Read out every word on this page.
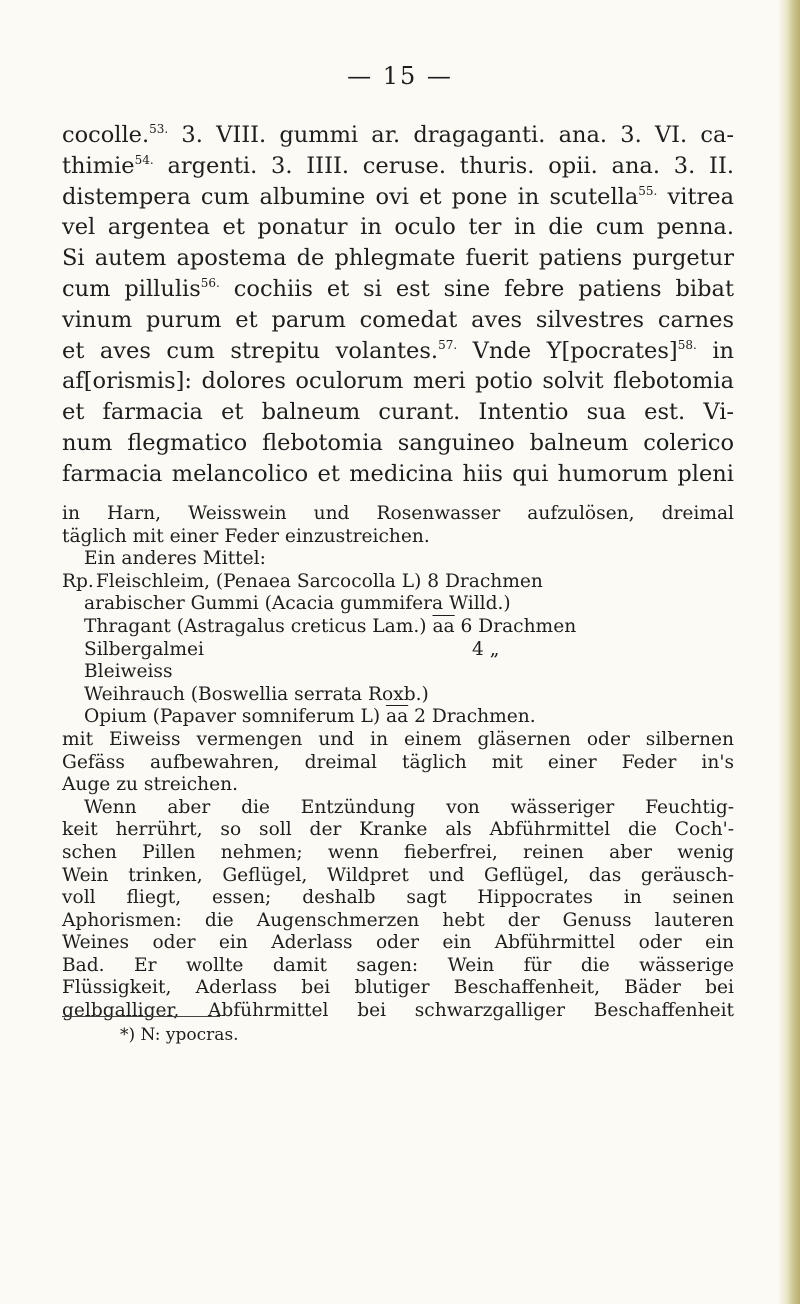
— 15 —
cocolle.$^{53.}$ 3. VIII. gummi ar. dragaganti. ana. 3. VI. ca-
thimie$^{54.}$ argenti. 3. IIII. ceruse. thuris. opii. ana. 3. II.
distempera cum albumine ovi et pone in scutella$^{55.}$ vitrea
vel argentea et ponatur in oculo ter in die cum penna.
Si autem apostema de phlegmate fuerit patiens purgetur
cum pillulis$^{56.}$ cochiis et si est sine febre patiens bibat
vinum purum et parum comedat aves silvestres carnes
et aves cum strepitu volantes.$^{57.}$ Vnde Y[pocrates]$^{58.}$ in
af[orismis]: dolores oculorum meri potio solvit flebotomia
et farmacia et balneum curant. Intentio sua est. Vi-
num flegmatico flebotomia sanguineo balneum colerico
farmacia melancolico et medicina hiis qui humorum pleni
in Harn, Weisswein und Rosenwasser aufzulösen, dreimal
täglich mit einer Feder einzustreichen.
Ein anderes Mittel:
Rp. Fleischleim, (Penaea Sarcocolla L) 8 Drachmen
arabischer Gummi (Acacia gummifera Willd.)
Thragant (Astragalus creticus Lam.) $\overline{aa}$ 6 Drachmen
Silbergalmei	4 „
Bleiweiss
Weihrauch (Boswellia serrata Roxb.)
Opium (Papaver somniferum L) $\overline{aa}$ 2 Drachmen.
mit Eiweiss vermengen und in einem gläsernen oder silbernen
Gefäss aufbewahren, dreimal täglich mit einer Feder in's
Auge zu streichen.
Wenn aber die Entzündung von wässeriger Feuchtig-
keit herrührt, so soll der Kranke als Abführmittel die Coch'-
schen Pillen nehmen; wenn fieberfrei, reinen aber wenig
Wein trinken, Geflügel, Wildpret und Geflügel, das geräusch-
voll fliegt, essen; deshalb sagt Hippocrates in seinen
Aphorismen: die Augenschmerzen hebt der Genuss lauteren
Weines oder ein Aderlass oder ein Abführmittel oder ein
Bad. Er wollte damit sagen: Wein für die wässerige
Flüssigkeit, Aderlass bei blutiger Beschaffenheit, Bäder bei
gelbgalliger, Abführmittel bei schwarzgalliger Beschaffenheit
*) N: ypocras.
